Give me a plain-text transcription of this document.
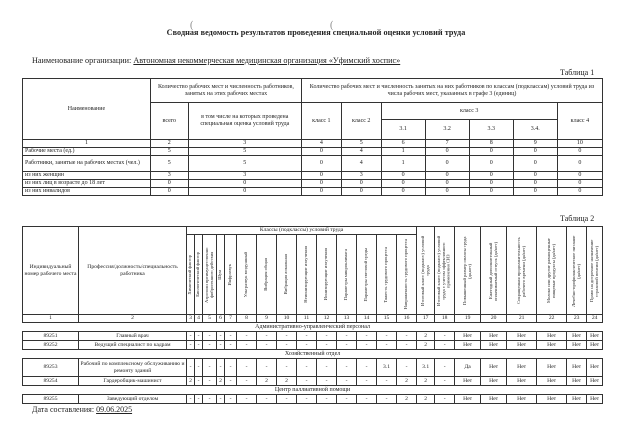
(	(
Сводная ведомость результатов проведения специальной оценки условий труда
Наименование организации: Автономная некоммерческая медицинская организация «Уфимский хоспис»
Таблица 1
Наименование	Количество рабочих мест и численность работников, занятых на этих рабочих местах		Количество рабочих мест и численность занятых на них работников по классам (подклассам) условий труда из числа рабочих мест, указанных в графе 3 (единиц)						
	всего	в том числе на которых проведена специальная оценка условий труда	класс 1	класс 2	класс 3				класс 4
					3.1	3.2	3.3	3.4.	
1	2	3	4	5	6	7	8	9	10
Рабочие места (ед.)	5	5	0	4	1	0	0	0	0
Работники, занятые на рабочих местах (чел.)	5	5	0	4	1	0	0	0	0
из них женщин	3	3	0	3	0	0	0	0	0
из них лиц в возрасте до 18 лет	0	0	0	0	0	0	0	0	0
из них инвалидов	0	0	0	0	0	0	0	0	0
Таблица 2
Индивидуальный номер рабочего места	Профессия/должность/специальность работника	Классы (подклассы) условий труда														Итоговый класс (подкласс) условий труда	Итоговый класс (подкласс) условий труда с учетом эффективного применения СИЗ	Повышенный размер оплаты труда (да,нет)	Ежегодный дополнительный оплачиваемый отпуск (да/нет)	Сокращенная продолжительность рабочего времени (да/нет)	Молоко или другие равноценные пищевые продукты (да/нет)	Лечебно-профилактическое питание (да/нет)	Право на досрочное назначение страховой пенсии (да/нет)

		Химический фактор	Биологический фактор	Аэрозоли преимущественно фиброгенного действия	Шум	Инфразвук	Ультразвук воздушный	Вибрация общая	Вибрация локальная	Неионизирующие излучения	Ионизирующие излучения	Параметры микроклимата	Параметры световой среды	Тяжесть трудового процесса	Напряженность трудового процесса								

1	2	3	4	5	6	7	8	9	10	11	12	13	14	15	16	17	18	19	20	21	22	23	24
Административно-управленческий персонал																							
89251	Главный врач	-	-	-	-	-	-	-	-	-	-	-	-	-	-	2	-	Нет	Нет	Нет	Нет	Нет	Нет
89252	Ведущий специалист по кадрам	-	-	-	-	-	-	-	-	-	-	-	-	-	-	2	-	Нет	Нет	Нет	Нет	Нет	Нет
Хозяйственный отдел																							
89253	Рабочий по комплексному обслуживанию и ремонту зданий	-	-	-	-	-	-	-	-	-	-	-	-	3.1	-	3.1	-	Да	Нет	Нет	Нет	Нет	Нет
89254	Гардеробщик-машинист	2	-	-	2	-	-	2	2	-	-	-	-	-	2	2	-	Нет	Нет	Нет	Нет	Нет	Нет
Центр паллиативной помощи																							
89255	Заведующий отделом	-	-	-	-	-	-	-	-	-	-	-	-	-	2	2	-	Нет	Нет	Нет	Нет	Нет	Нет
Дата составления: 09.06.2025
